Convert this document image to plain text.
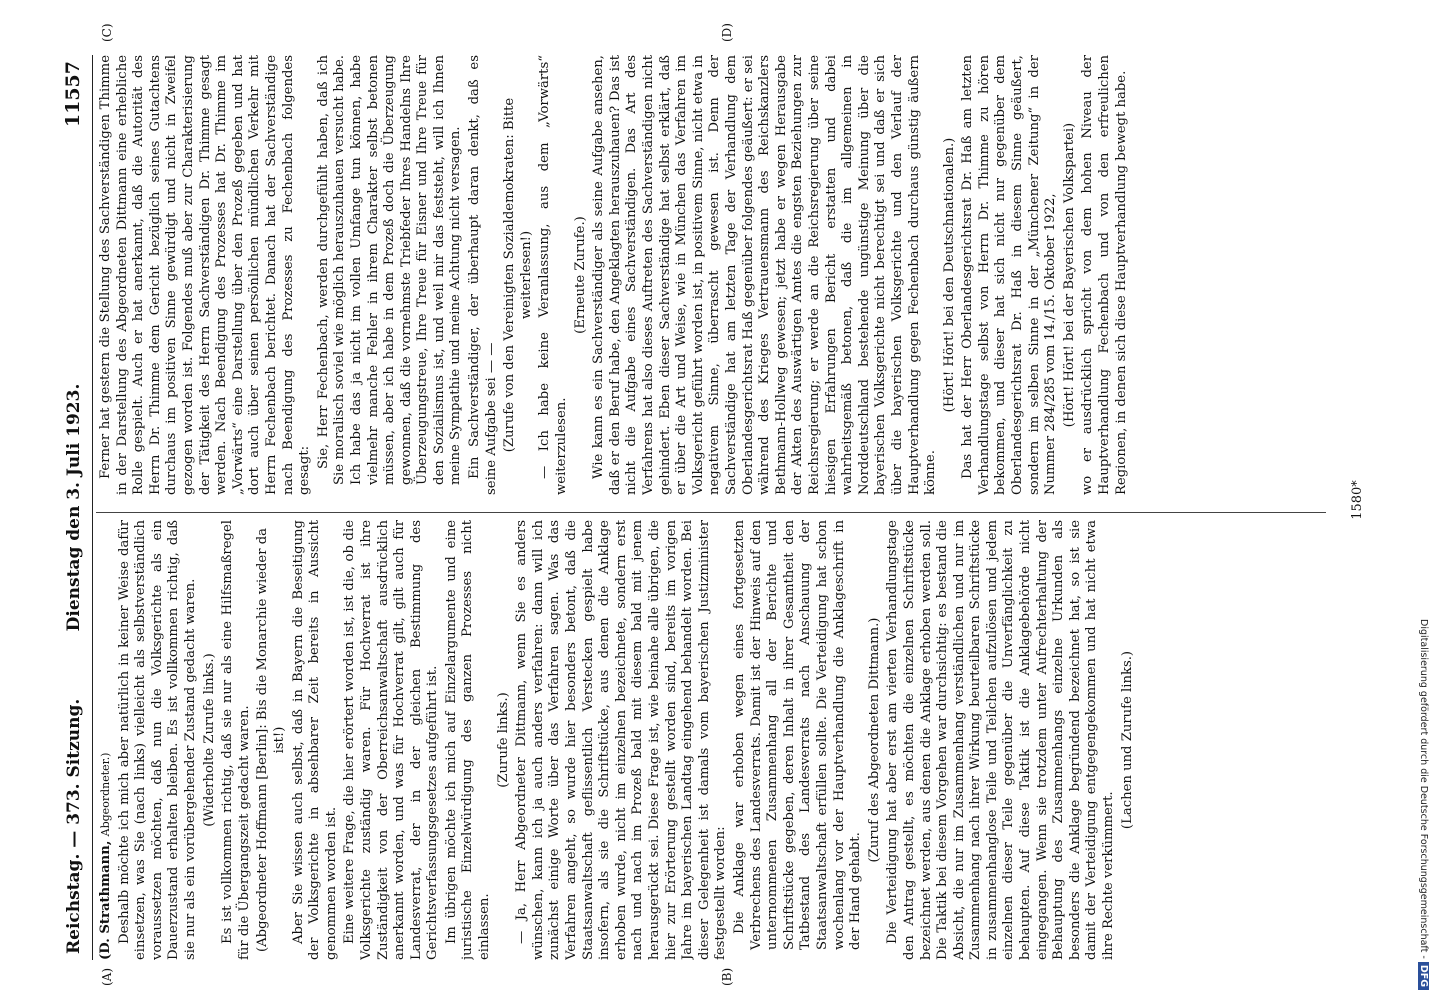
Reichstag. — 373. Sitzung.
Dienstag den 3. Juli 1923.
11557
(A)	(B)
(C)	(D)

(D. Strathmann, Abgeordneter.) Deshalb möchte ich mich aber natürlich in keiner Weise dafür einsetzen, was Sie (nach links) vielleicht als selbstverständlich voraussetzen möchten, daß nun die Volksgerichte als ein Dauerzustand erhalten bleiben. Es ist vollkommen richtig, daß sie nur als ein vorübergehender Zustand gedacht waren. (Widerholte Zurufe links.) Es ist vollkommen richtig, daß sie nur als eine Hilfsmaßregel für die Übergangszeit gedacht waren. (Abgeordneter Hoffmann [Berlin]: Bis die Monarchie wieder da ist!) Aber Sie wissen auch selbst, daß in Bayern die Beseitigung der Volksgerichte in absehbarer Zeit bereits in Aussicht genommen worden ist. Eine weitere Frage, die hier erörtert worden ist, ist die, ob die Volksgerichte zuständig waren. Für Hochverrat ist ihre Zuständigkeit von der Oberreichsanwaltschaft ausdrücklich anerkannt worden, und was für Hochverrat gilt, gilt auch für Landesverrat, der in der gleichen Bestimmung des Gerichtsverfassungsgesetzes aufgeführt ist. Im übrigen möchte ich mich auf Einzelargumente und eine juristische Einzelwürdigung des ganzen Prozesses nicht einlassen.

(Zurufe links.) — Ja, Herr Abgeordneter Dittmann, wenn Sie es anders wünschen, kann ich ja auch anders verfahren: dann will ich zunächst einige Worte über das Verfahren sagen. Was das Verfahren angeht, so wurde hier besonders betont, daß die Staatsanwaltschaft geflissentlich Verstecken gespielt habe insofern, als sie die Schriftstücke, aus denen die Anklage erhoben wurde, nicht im einzelnen bezeichnete, sondern erst nach und nach im Prozeß bald mit diesem bald mit jenem herausgerückt sei. Diese Frage ist, wie beinahe alle übrigen, die hier zur Erörterung gestellt worden sind, bereits im vorigen Jahre im bayerischen Landtag eingehend behandelt worden. Bei dieser Gelegenheit ist damals vom bayerischen Justizminister festgestellt worden: Die Anklage war erhoben wegen eines fortgesetzten Verbrechens des Landesverrats. Damit ist der Hinweis auf den unternommenen Zusammenhang all der Berichte und Schriftstücke gegeben, deren Inhalt in ihrer Gesamtheit den Tatbestand des Landesverrats nach Anschauung der Staatsanwaltschaft erfüllen sollte. Die Verteidigung hat schon wochenlang vor der Hauptverhandlung die Anklageschrift in der Hand gehabt.

(Zuruf des Abgeordneten Dittmann.) Die Verteidigung hat aber erst am vierten Verhandlungstage den Antrag gestellt, es möchten die einzelnen Schriftstücke bezeichnet werden, aus denen die Anklage erhoben werden soll. Die Taktik bei diesem Vorgehen war durchsichtig: es bestand die Absicht, die nur im Zusammenhang verständlichen und nur im Zusammenhang nach ihrer Wirkung beurteilbaren Schriftstücke in zusammenhanglose Teile und Teilchen aufzulösen und jedem einzelnen dieser Teile gegenüber die Unverfänglichkeit zu behaupten. Auf diese Taktik ist die Anklagebehörde nicht eingegangen. Wenn sie trotzdem unter Aufrechterhaltung der Behauptung des Zusammenhangs einzelne Urkunden als besonders die Anklage begründend bezeichnet hat, so ist sie damit der Verteidigung entgegengekommen und hat nicht etwa ihre Rechte verkümmert.

(Lachen und Zurufe links.)

Ferner hat gestern die Stellung des Sachverständigen Thimme in der Darstellung des Abgeordneten Dittmann eine erhebliche Rolle gespielt. Auch er hat anerkannt, daß die Autorität des Herrn Dr. Thimme dem Gericht bezüglich seines Gutachtens durchaus im positiven Sinne gewürdigt und nicht in Zweifel gezogen worden ist. Folgendes muß aber zur Charakterisierung der Tätigkeit des Herrn Sachverständigen Dr. Thimme gesagt werden. Nach Beendigung des Prozesses hat Dr. Thimme im „Vorwärts“ eine Darstellung über den Prozeß gegeben und hat dort auch über seinen persönlichen mündlichen Verkehr mit Herrn Fechenbach berichtet. Danach hat der Sachverständige nach Beendigung des Prozesses zu Fechenbach folgendes gesagt:

Sie, Herr Fechenbach, werden durchgefühlt haben, daß ich Sie moralisch soviel wie möglich herauszuhauen versucht habe. Ich habe das ja nicht im vollen Umfange tun können, habe vielmehr manche Fehler in ihrem Charakter selbst betonen müssen, aber ich habe in dem Prozeß doch die Überzeugung gewonnen, daß die vornehmste Triebfeder Ihres Handelns Ihre Überzeugungstreue, Ihre Treue für Eisner und Ihre Treue für den Sozialismus ist, und weil mir das feststeht, will ich Ihnen meine Sympathie und meine Achtung nicht versagen. Ein Sachverständiger, der überhaupt daran denkt, daß es seine Aufgabe sei — — (Zurufe von den Vereinigten Sozialdemokraten: Bitte weiterlesen!) — Ich habe keine Veranlassung, aus dem „Vorwärts“ weiterzulesen.

(Erneute Zurufe.) Wie kann es ein Sachverständiger als seine Aufgabe ansehen, daß er den Beruf habe, den Angeklagten herauszuhauen? Das ist nicht die Aufgabe eines Sachverständigen. Das Art des Verfahrens hat also dieses Auftreten des Sachverständigen nicht gehindert. Eben dieser Sachverständige hat selbst erklärt, daß er über die Art und Weise, wie in München das Verfahren im Volksgericht geführt worden ist, in positivem Sinne, nicht etwa in negativem Sinne, überrascht gewesen ist. Denn der Sachverständige hat am letzten Tage der Verhandlung dem Oberlandesgerichtsrat Haß gegenüber folgendes geäußert: er sei während des Krieges Vertrauensmann des Reichskanzlers Bethmann-Hollweg gewesen; jetzt habe er wegen Herausgabe der Akten des Auswärtigen Amtes die engsten Beziehungen zur Reichsregierung; er werde an die Reichsregierung über seine hiesigen Erfahrungen Bericht erstatten und dabei wahrheitsgemäß betonen, daß die im allgemeinen in Norddeutschland bestehende ungünstige Meinung über die bayerischen Volksgerichte nicht berechtigt sei und daß er sich über die bayerischen Volksgerichte und den Verlauf der Hauptverhandlung gegen Fechenbach durchaus günstig äußern könne.

(Hört! Hört! bei den Deutschnationalen.) Das hat der Herr Oberlandesgerichtsrat Dr. Haß am letzten Verhandlungstage selbst von Herrn Dr. Thimme zu hören bekommen, und dieser hat sich nicht nur gegenüber dem Oberlandesgerichtsrat Dr. Haß in diesem Sinne geäußert, sondern im selben Sinne in der „Münchener Zeitung“ in der Nummer 284/285 vom 14./15. Oktober 1922, (Hört! Hört! bei der Bayerischen Volkspartei) wo er ausdrücklich spricht von dem hohen Niveau der Hauptverhandlung Fechenbach und von den erfreulichen Regionen, in denen sich diese Hauptverhandlung bewegt habe.

1580*
Digitalisierung gefördert durch die Deutsche Forschungsgemeinschaft - DFG
